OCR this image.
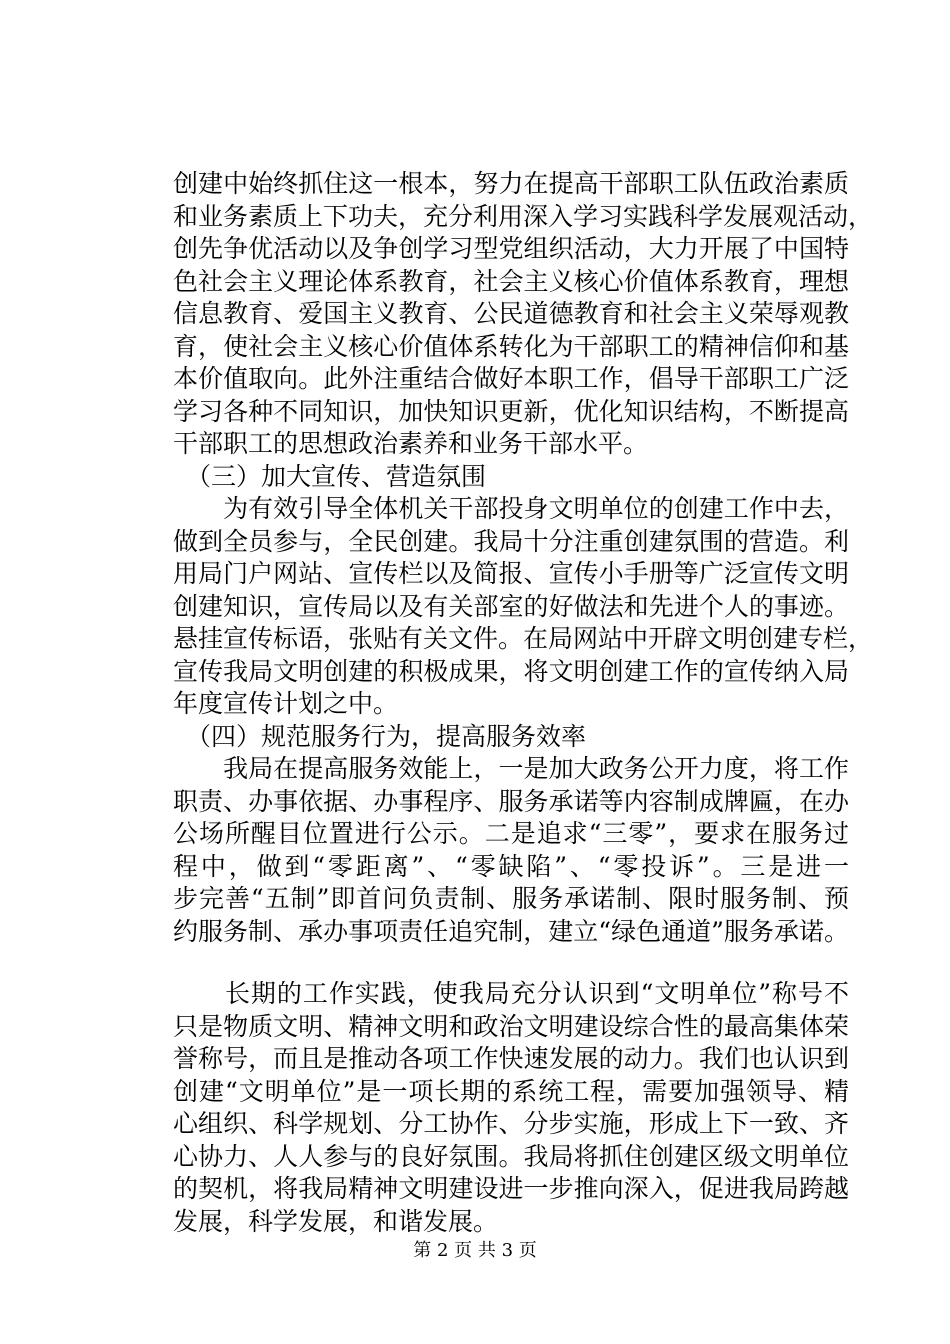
创建中始终抓住这一根本，努力在提高干部职工队伍政治素质
和业务素质上下功夫，充分利用深入学习实践科学发展观活动，
创先争优活动以及争创学习型党组织活动，大力开展了中国特
色社会主义理论体系教育，社会主义核心价值体系教育，理想
信息教育、爱国主义教育、公民道德教育和社会主义荣辱观教
育，使社会主义核心价值体系转化为干部职工的精神信仰和基
本价值取向。此外注重结合做好本职工作，倡导干部职工广泛
学习各种不同知识，加快知识更新，优化知识结构，不断提高
干部职工的思想政治素养和业务干部水平。
（三）加大宣传、营造氛围
　　为有效引导全体机关干部投身文明单位的创建工作中去，
做到全员参与，全民创建。我局十分注重创建氛围的营造。利
用局门户网站、宣传栏以及简报、宣传小手册等广泛宣传文明
创建知识，宣传局以及有关部室的好做法和先进个人的事迹。
悬挂宣传标语，张贴有关文件。在局网站中开辟文明创建专栏，
宣传我局文明创建的积极成果，将文明创建工作的宣传纳入局
年度宣传计划之中。
（四）规范服务行为，提高服务效率
　　我局在提高服务效能上，一是加大政务公开力度，将工作
职责、办事依据、办事程序、服务承诺等内容制成牌匾，在办
公场所醒目位置进行公示。二是追求“三零”，要求在服务过
程中，做到“零距离”、“零缺陷”、“零投诉”。三是进一
步完善“五制”即首问负责制、服务承诺制、限时服务制、预
约服务制、承办事项责任追究制，建立“绿色通道”服务承诺。
　　长期的工作实践，使我局充分认识到“文明单位”称号不
只是物质文明、精神文明和政治文明建设综合性的最高集体荣
誉称号，而且是推动各项工作快速发展的动力。我们也认识到
创建“文明单位”是一项长期的系统工程，需要加强领导、精
心组织、科学规划、分工协作、分步实施，形成上下一致、齐
心协力、人人参与的良好氛围。我局将抓住创建区级文明单位
的契机，将我局精神文明建设进一步推向深入，促进我局跨越
发展，科学发展，和谐发展。
第 2 页 共 3 页
